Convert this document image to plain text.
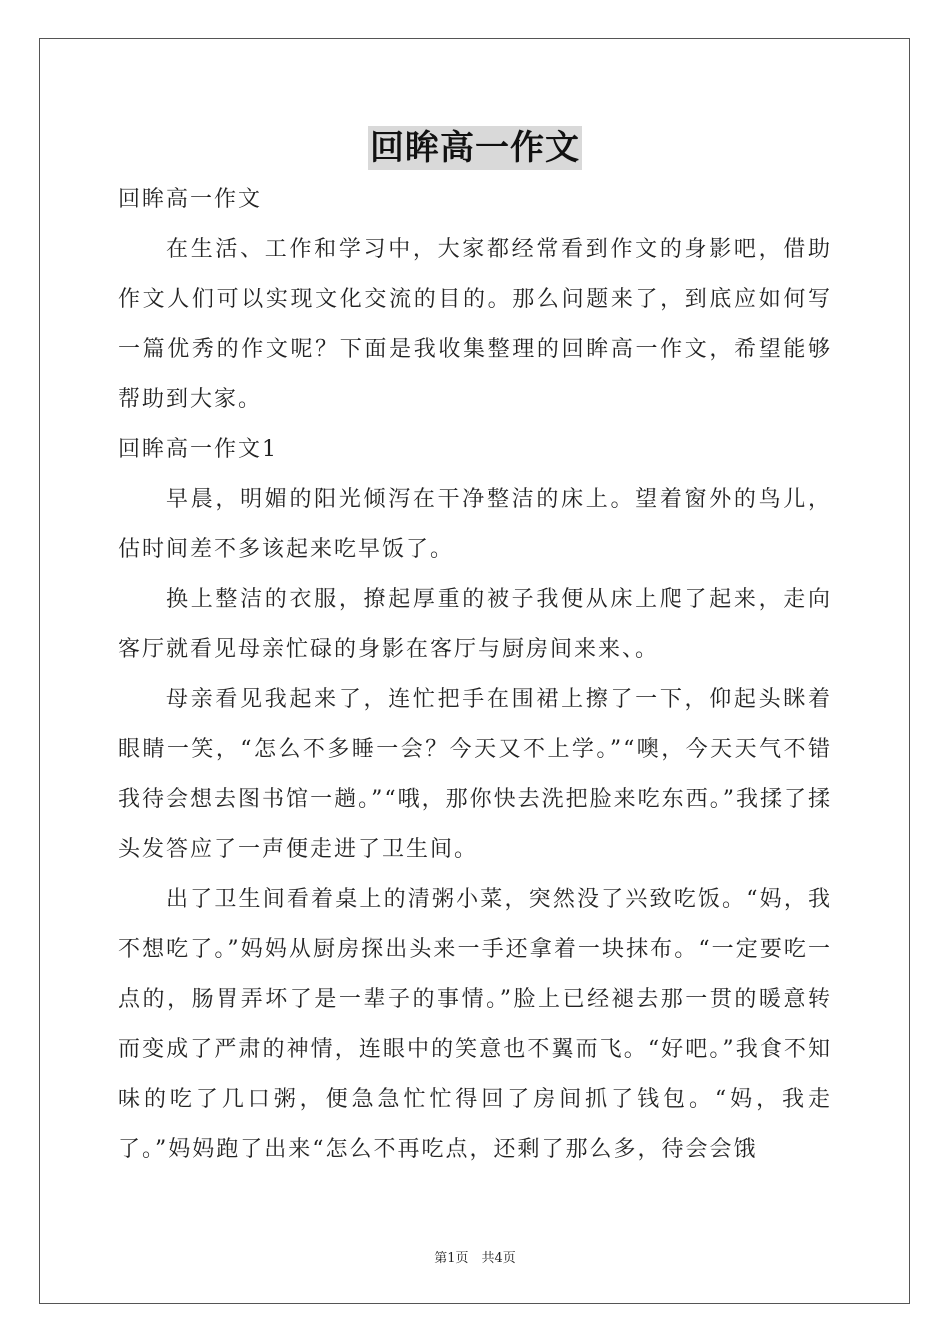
回眸高一作文

回眸高一作文

在生活、工作和学习中，大家都经常看到作文的身影吧，借助作文人们可以实现文化交流的目的。那么问题来了，到底应如何写一篇优秀的作文呢？下面是我收集整理的回眸高一作文，希望能够帮助到大家。

回眸高一作文1

早晨，明媚的阳光倾泻在干净整洁的床上。望着窗外的鸟儿，估时间差不多该起来吃早饭了。

换上整洁的衣服，撩起厚重的被子我便从床上爬了起来，走向客厅就看见母亲忙碌的身影在客厅与厨房间来来、。

母亲看见我起来了，连忙把手在围裙上擦了一下，仰起头眯着眼睛一笑，“怎么不多睡一会？今天又不上学。”“噢，今天天气不错我待会想去图书馆一趟。”“哦，那你快去洗把脸来吃东西。”我揉了揉头发答应了一声便走进了卫生间。

出了卫生间看着桌上的清粥小菜，突然没了兴致吃饭。“妈，我不想吃了。”妈妈从厨房探出头来一手还拿着一块抹布。“一定要吃一点的，肠胃弄坏了是一辈子的事情。”脸上已经褪去那一贯的暖意转而变成了严肃的神情，连眼中的笑意也不翼而飞。“好吧。”我食不知味的吃了几口粥，便急急忙忙得回了房间抓了钱包。“妈，我走了。”妈妈跑了出来“怎么不再吃点，还剩了那么多，待会会饿

第1页　共4页
